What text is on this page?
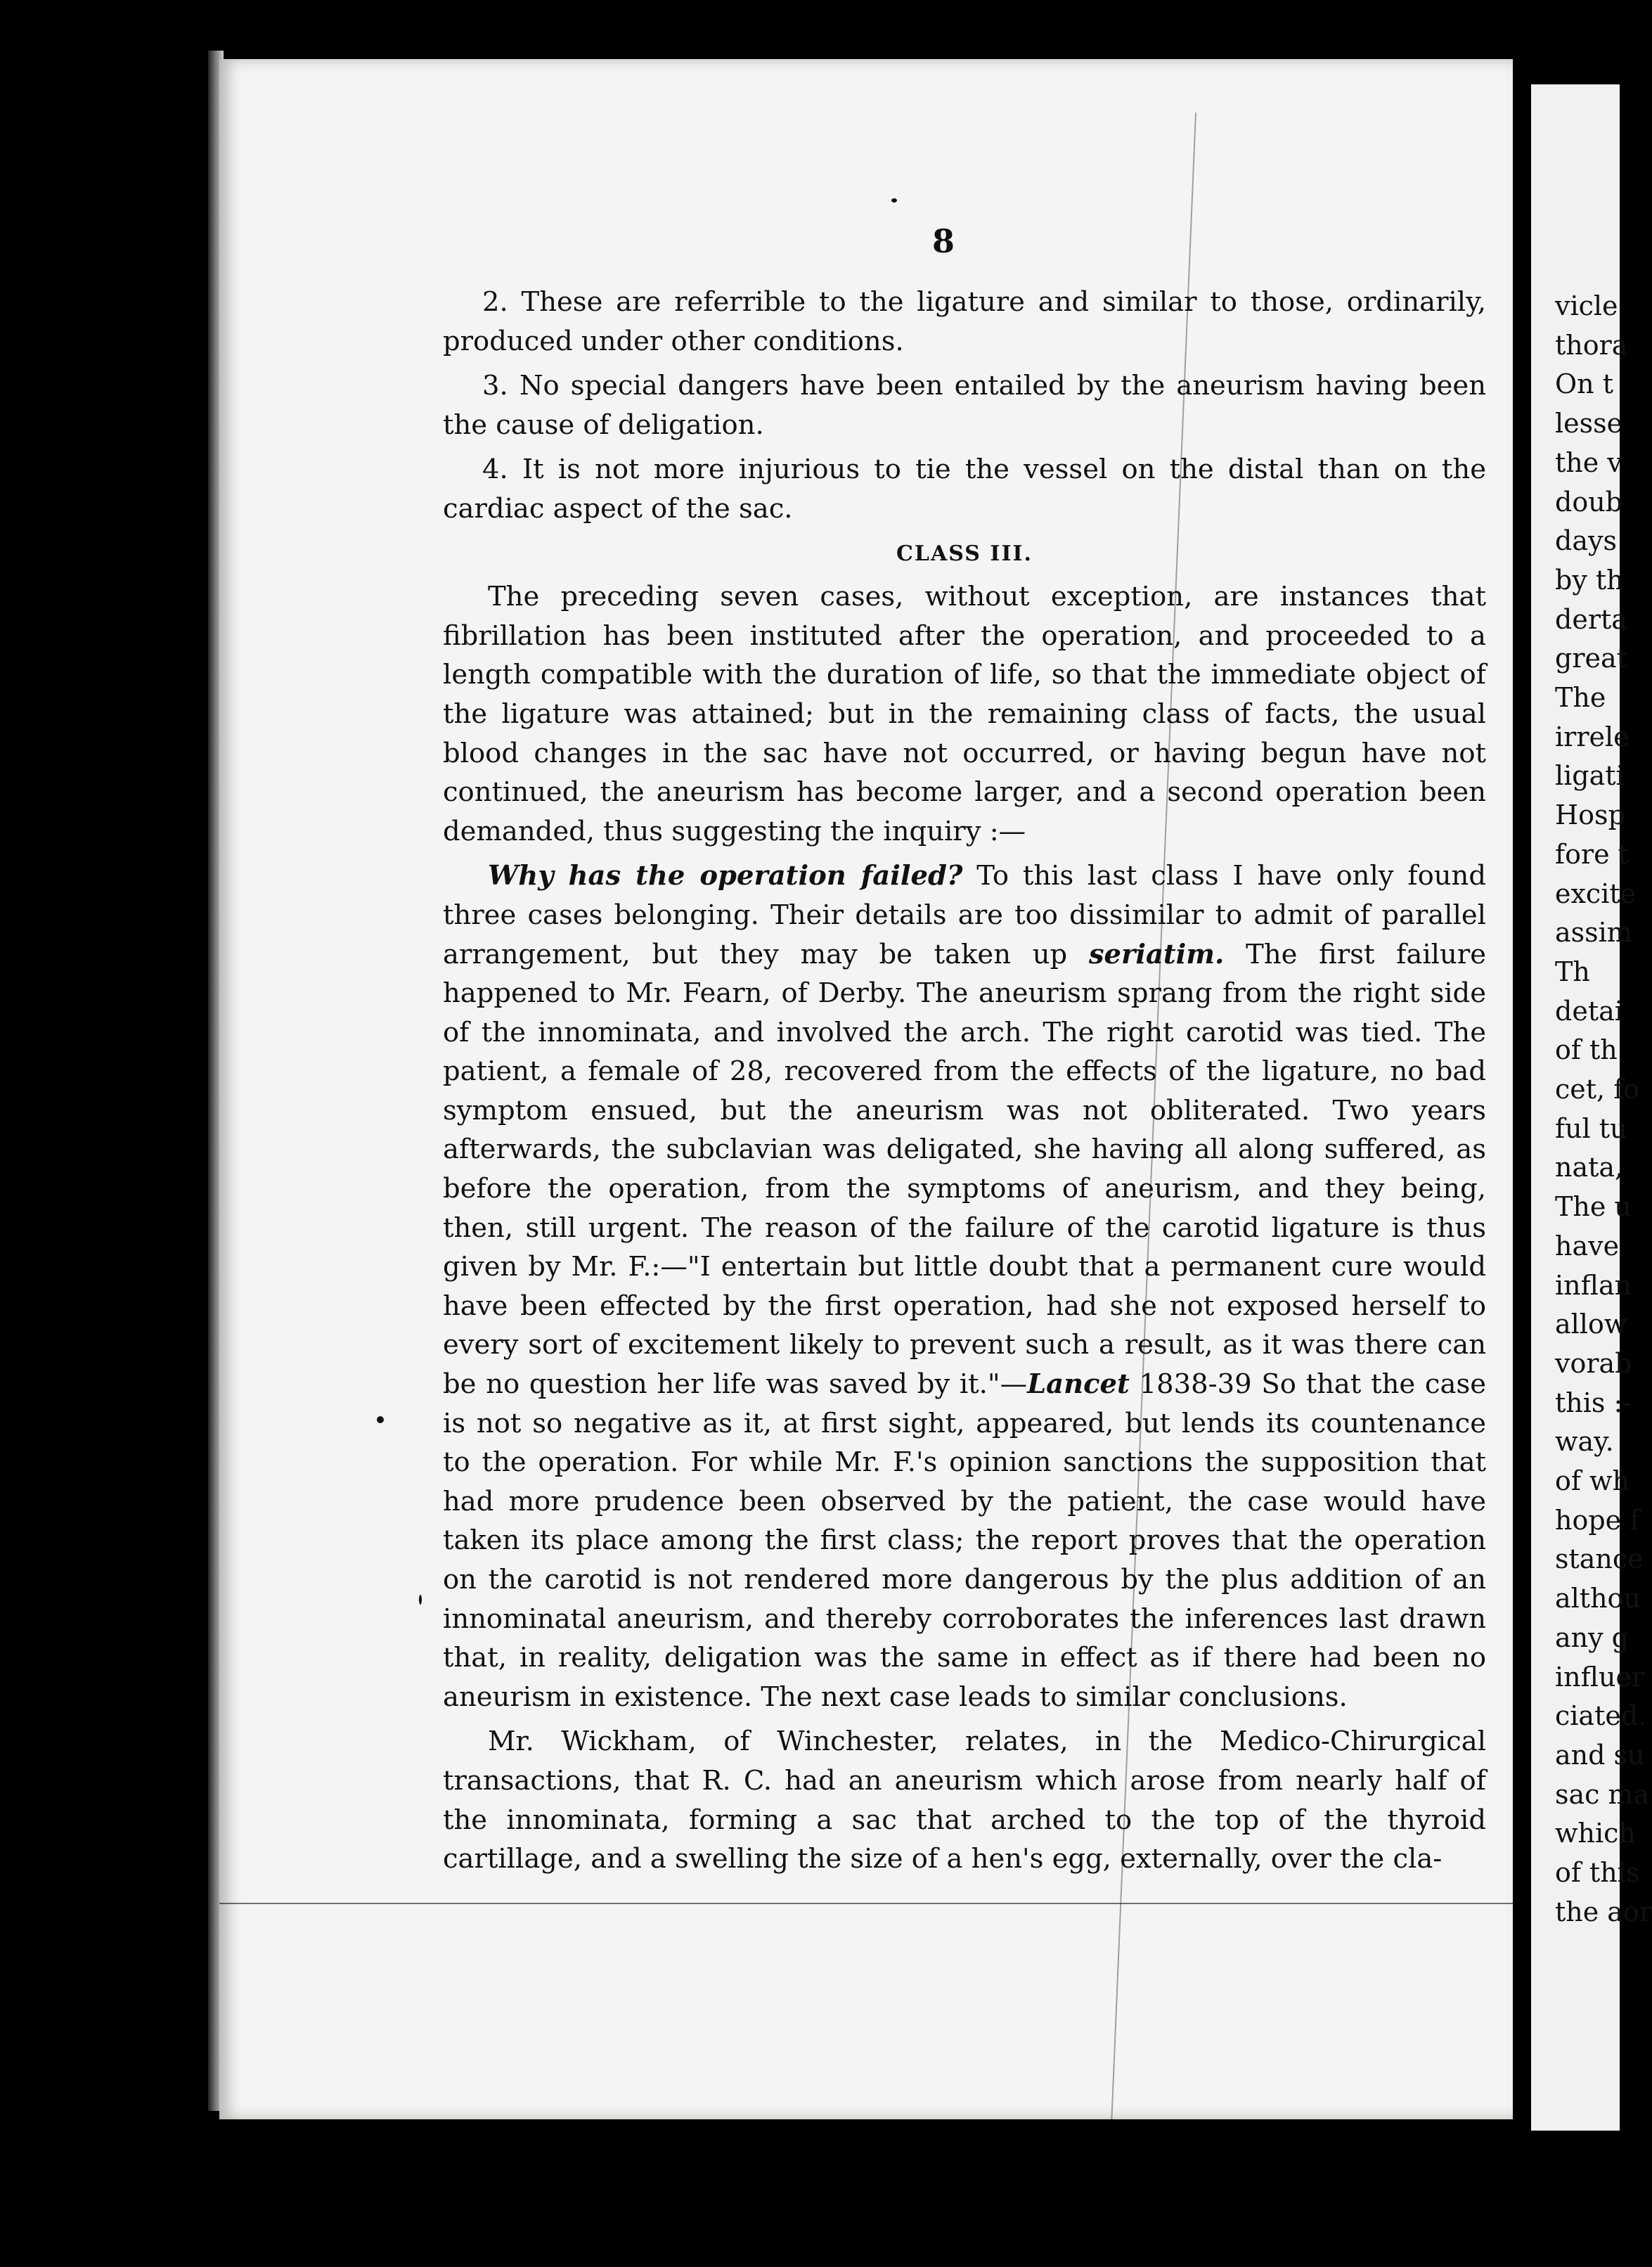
vicle
thora
On t
lesse
the v
doub
days
by th
derta
great
The
irrele
ligati
Hosp
fore t
excite
assim
Th
detai
of th
cet, fo
ful tu
nata,
The u
have
inflan
allow
vorab
this :-
way.
of wh
hope f
stance
althou
any g
influer
ciated.
and su
sac ma
which
of this
the aor
8

2. These are referrible to the ligature and similar to those, ordinarily, produced under other conditions.

3. No special dangers have been entailed by the aneurism having been the cause of deligation.

4. It is not more injurious to tie the vessel on the distal than on the cardiac aspect of the sac.

CLASS III.

The preceding seven cases, without exception, are instances that fibrillation has been instituted after the operation, and proceeded to a length compatible with the duration of life, so that the immediate object of the ligature was attained; but in the remaining class of facts, the usual blood changes in the sac have not occurred, or having begun have not continued, the aneurism has become larger, and a second operation been demanded, thus suggesting the inquiry :—

Why has the operation failed? To this last class I have only found three cases belonging. Their details are too dissimilar to admit of parallel arrangement, but they may be taken up seriatim. The first failure happened to Mr. Fearn, of Derby. The aneurism sprang from the right side of the innominata, and involved the arch. The right carotid was tied. The patient, a female of 28, recovered from the effects of the ligature, no bad symptom ensued, but the aneurism was not obliterated. Two years afterwards, the subclavian was deligated, she having all along suffered, as before the operation, from the symptoms of aneurism, and they being, then, still urgent. The reason of the failure of the carotid ligature is thus given by Mr. F.:—"I entertain but little doubt that a permanent cure would have been effected by the first operation, had she not exposed herself to every sort of excitement likely to prevent such a result, as it was there can be no question her life was saved by it."—Lancet 1838-39 So that the case is not so negative as it, at first sight, appeared, but lends its countenance to the operation. For while Mr. F.'s opinion sanctions the supposition that had more prudence been observed by the patient, the case would have taken its place among the first class; the report proves that the operation on the carotid is not rendered more dangerous by the plus addition of an innominatal aneurism, and thereby corroborates the inferences last drawn that, in reality, deligation was the same in effect as if there had been no aneurism in existence. The next case leads to similar conclusions.

Mr. Wickham, of Winchester, relates, in the Medico-Chirurgical transactions, that R. C. had an aneurism which arose from nearly half of the innominata, forming a sac that arched to the top of the thyroid cartillage, and a swelling the size of a hen's egg, externally, over the cla-
